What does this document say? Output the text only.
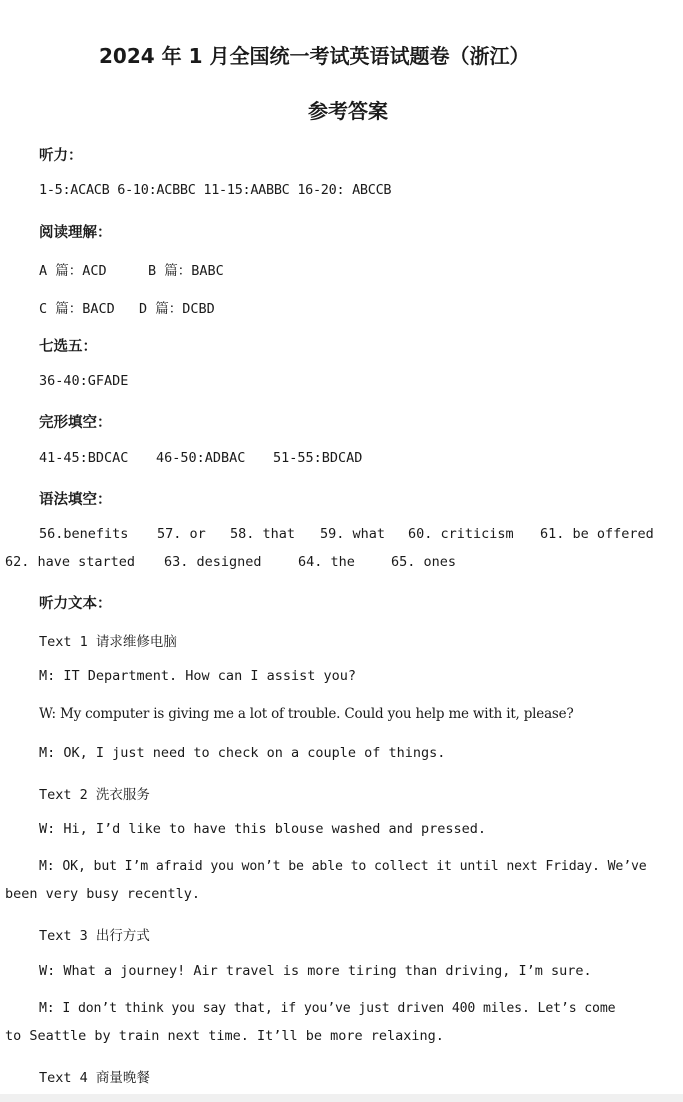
2024 年 1 月全国统一考试英语试题卷（浙江）
参考答案
听力：
1-5:ACACB 6-10:ACBBC 11-15:AABBC 16-20: ABCCB
阅读理解：
A 篇：ACD	B 篇：BABC
C 篇：BACD D 篇：DCBD
七选五：
36-40:GFADE
完形填空：
41-45:BDCAC 46-50:ADBAC 51-55:BDCAD
语法填空：
56.benefits 57. or 58. that 59. what 60. criticism 61. be offered
62. have started 63. designed	64. the	65. ones
听力文本：
Text 1 请求维修电脑
M: IT Department. How can I assist you?
W: My computer is giving me a lot of trouble. Could you help me with it, please?
M: OK, I just need to check on a couple of things.
Text 2 洗衣服务
W: Hi, I’d like to have this blouse washed and pressed.
M: OK, but I’m afraid you won’t be able to collect it until next Friday. We’ve
been very busy recently.
Text 3 出行方式
W: What a journey! Air travel is more tiring than driving, I’m sure.
M: I don’t think you say that, if you’ve just driven 400 miles. Let’s come
to Seattle by train next time. It’ll be more relaxing.
Text 4 商量晚餐
